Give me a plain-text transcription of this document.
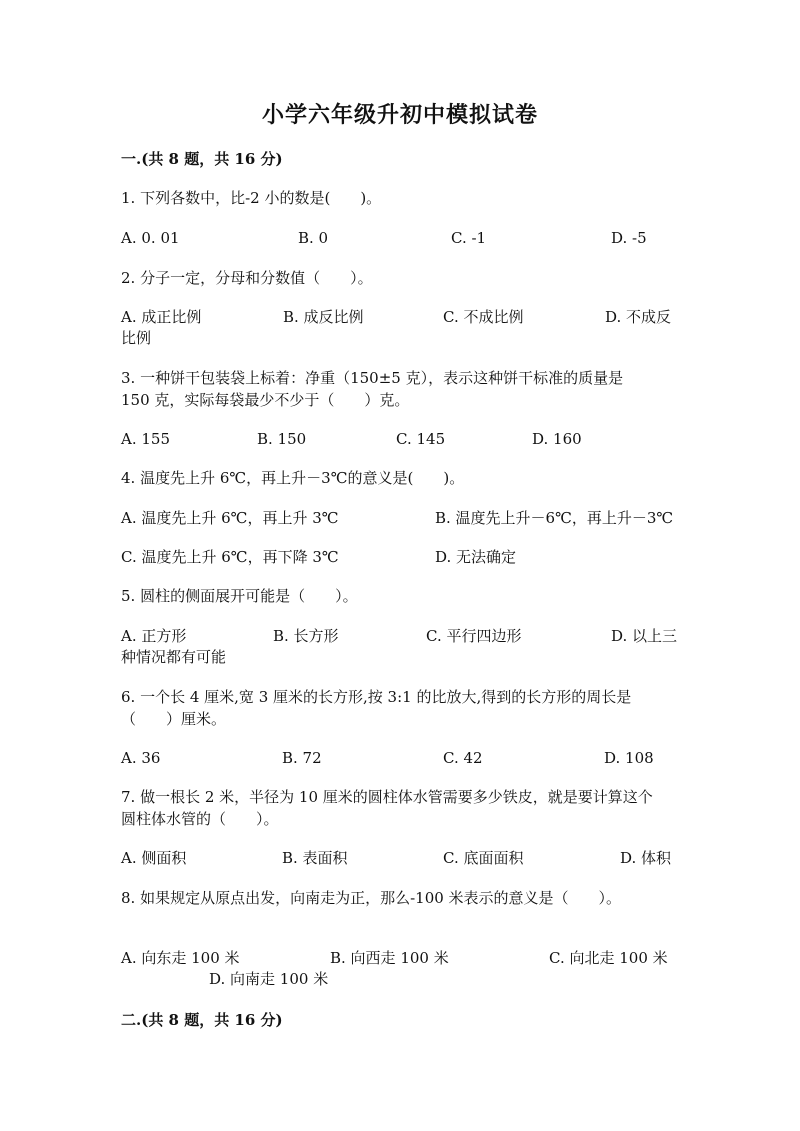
小学六年级升初中模拟试卷
一.(共 8 题，共 16 分)
1. 下列各数中，比-2 小的数是(　　)。
A. 0. 01	B. 0	C. -1	D. -5
2. 分子一定，分母和分数值（　　）。
A. 成正比例	B. 成反比例	C. 不成比例	D. 不成反
比例
3. 一种饼干包装袋上标着：净重（150±5 克），表示这种饼干标准的质量是
150 克，实际每袋最少不少于（　　）克。
A. 155	B. 150	C. 145	D. 160
4. 温度先上升 6℃，再上升－3℃的意义是(　　)。
A. 温度先上升 6℃，再上升 3℃	B. 温度先上升－6℃，再上升－3℃
C. 温度先上升 6℃，再下降 3℃	D. 无法确定
5. 圆柱的侧面展开可能是（　　）。
A. 正方形	B. 长方形	C. 平行四边形	D. 以上三
种情况都有可能
6. 一个长 4 厘米,宽 3 厘米的长方形,按 3:1 的比放大,得到的长方形的周长是
（　　）厘米。
A. 36	B. 72	C. 42	D. 108
7. 做一根长 2 米，半径为 10 厘米的圆柱体水管需要多少铁皮，就是要计算这个
圆柱体水管的（　　）。
A. 侧面积	B. 表面积	C. 底面面积	D. 体积
8. 如果规定从原点出发，向南走为正，那么-100 米表示的意义是（　　）。
A. 向东走 100 米	B. 向西走 100 米	C. 向北走 100 米
D. 向南走 100 米
二.(共 8 题，共 16 分)
